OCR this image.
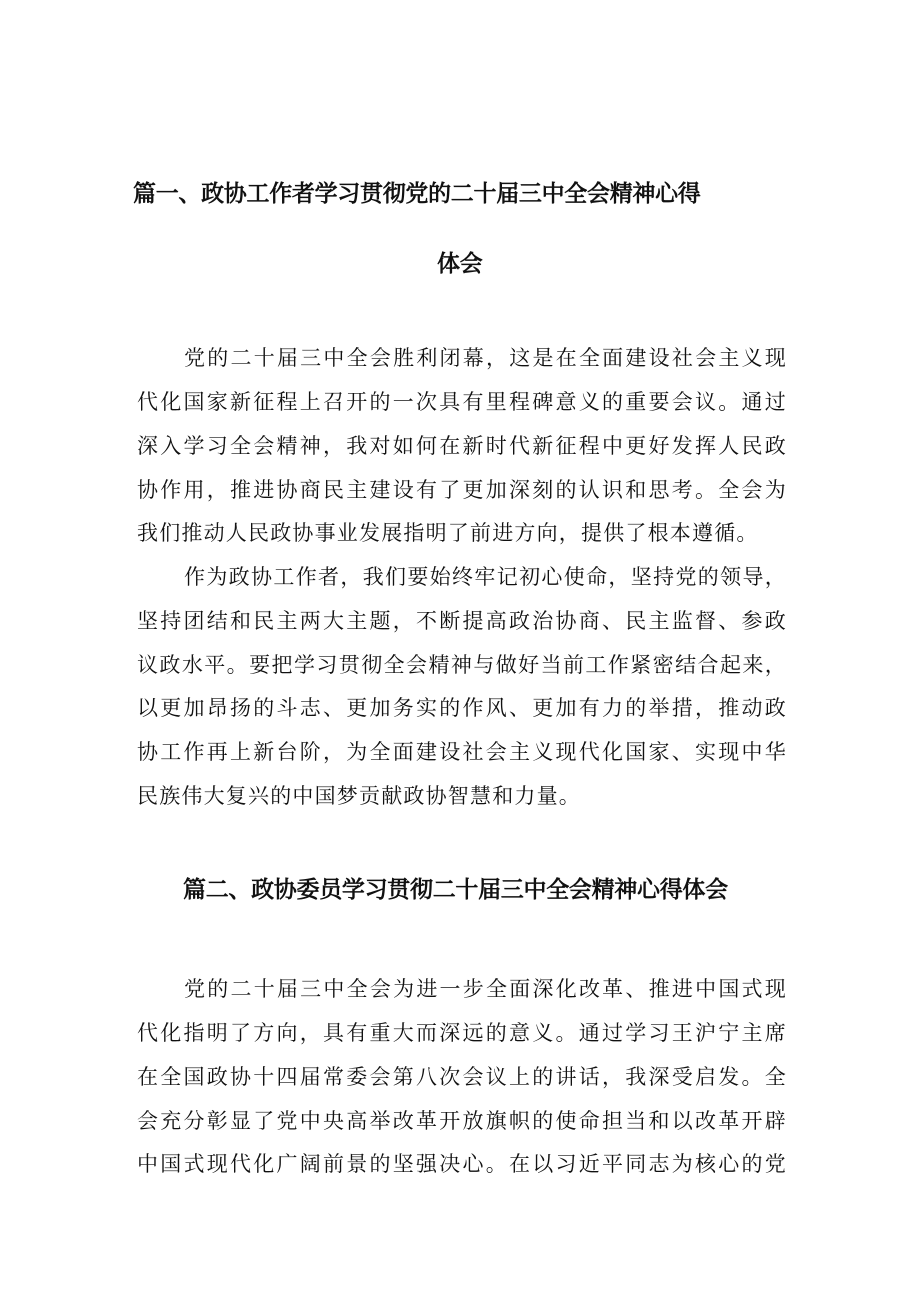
篇一、政协工作者学习贯彻党的二十届三中全会精神心得
体会

党的二十届三中全会胜利闭幕，这是在全面建设社会主义现

代化国家新征程上召开的一次具有里程碑意义的重要会议。通过

深入学习全会精神，我对如何在新时代新征程中更好发挥人民政

协作用，推进协商民主建设有了更加深刻的认识和思考。全会为

我们推动人民政协事业发展指明了前进方向，提供了根本遵循。

作为政协工作者，我们要始终牢记初心使命，坚持党的领导，

坚持团结和民主两大主题，不断提高政治协商、民主监督、参政

议政水平。要把学习贯彻全会精神与做好当前工作紧密结合起来，

以更加昂扬的斗志、更加务实的作风、更加有力的举措，推动政

协工作再上新台阶，为全面建设社会主义现代化国家、实现中华

民族伟大复兴的中国梦贡献政协智慧和力量。

篇二、政协委员学习贯彻二十届三中全会精神心得体会

党的二十届三中全会为进一步全面深化改革、推进中国式现

代化指明了方向，具有重大而深远的意义。通过学习王沪宁主席

在全国政协十四届常委会第八次会议上的讲话，我深受启发。全

会充分彰显了党中央高举改革开放旗帜的使命担当和以改革开辟

中国式现代化广阔前景的坚强决心。在以习近平同志为核心的党
